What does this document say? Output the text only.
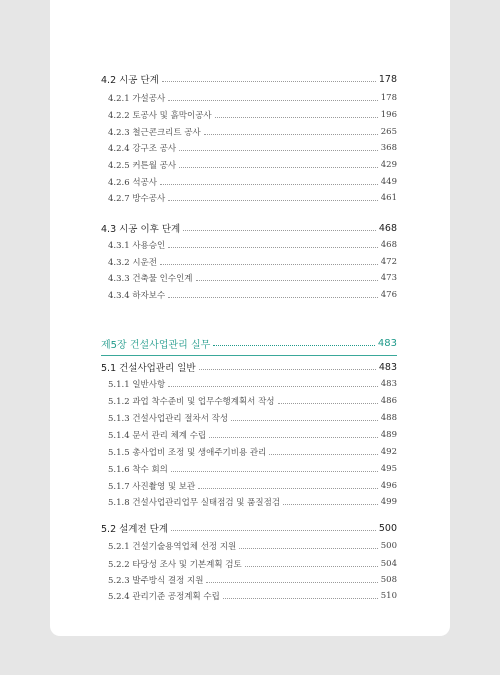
4.2 시공 단계	178
4.2.1 가설공사	178
4.2.2 토공사 및 흙막이공사	196
4.2.3 철근콘크리트 공사	265
4.2.4 강구조 공사	368
4.2.5 커튼월 공사	429
4.2.6 석공사	449
4.2.7 방수공사	461
4.3 시공 이후 단계	468
4.3.1 사용승인	468
4.3.2 시운전	472
4.3.3 건축물 인수인계	473
4.3.4 하자보수	476
제5장 건설사업관리 실무	483
5.1 건설사업관리 일반	483
5.1.1 일반사항	483
5.1.2 과업 착수준비 및 업무수행계획서 작성	486
5.1.3 건설사업관리 절차서 작성	488
5.1.4 문서 관리 체계 수립	489
5.1.5 총사업비 조정 및 생애주기비용 관리	492
5.1.6 착수 회의	495
5.1.7 사진촬영 및 보관	496
5.1.8 건설사업관리업무 실태점검 및 품질점검	499
5.2 설계전 단계	500
5.2.1 건설기술용역업체 선정 지원	500
5.2.2 타당성 조사 및 기본계획 검토	504
5.2.3 발주방식 결정 지원	508
5.2.4 관리기준 공정계획 수립	510
